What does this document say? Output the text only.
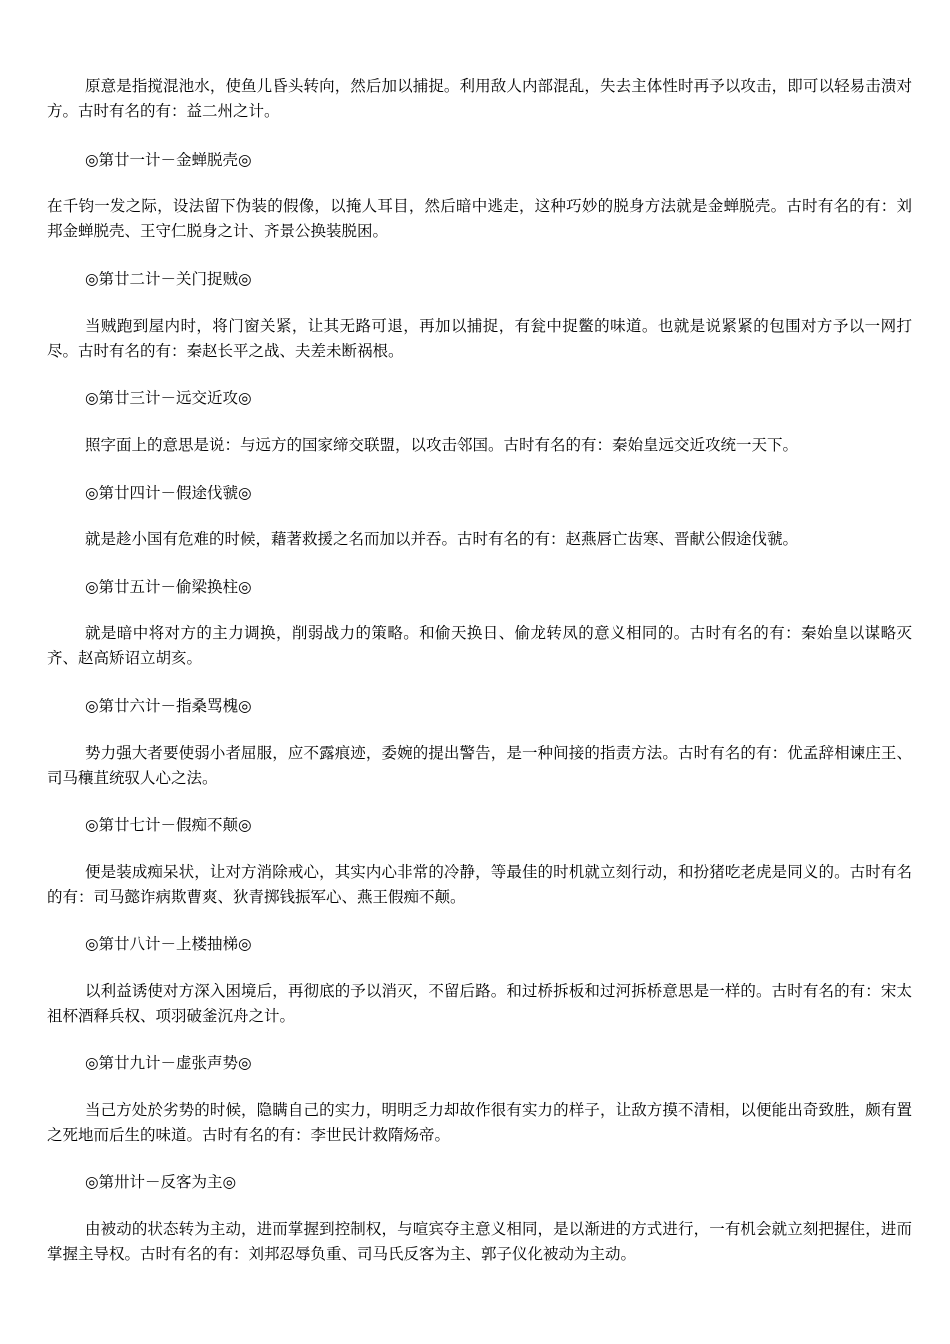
原意是指搅混池水，使鱼儿昏头转向，然后加以捕捉。利用敌人内部混乱，失去主体性时再予以攻击，即可以轻易击溃对方。古时有名的有：益二州之计。

◎第廿一计－金蝉脱壳◎

在千钧一发之际，设法留下伪装的假像，以掩人耳目，然后暗中逃走，这种巧妙的脱身方法就是金蝉脱壳。古时有名的有：刘邦金蝉脱壳、王守仁脱身之计、齐景公换装脱困。

◎第廿二计－关门捉贼◎

当贼跑到屋内时，将门窗关紧，让其无路可退，再加以捕捉，有瓮中捉鳖的味道。也就是说紧紧的包围对方予以一网打尽。古时有名的有：秦赵长平之战、夫差未断祸根。

◎第廿三计－远交近攻◎

照字面上的意思是说：与远方的国家缔交联盟，以攻击邻国。古时有名的有：秦始皇远交近攻统一天下。

◎第廿四计－假途伐虢◎

就是趁小国有危难的时候，藉著救援之名而加以并吞。古时有名的有：赵燕唇亡齿寒、晋献公假途伐虢。

◎第廿五计－偷梁换柱◎

就是暗中将对方的主力调换，削弱战力的策略。和偷天换日、偷龙转凤的意义相同的。古时有名的有：秦始皇以谋略灭齐、赵高矫诏立胡亥。

◎第廿六计－指桑骂槐◎

势力强大者要使弱小者屈服，应不露痕迹，委婉的提出警告，是一种间接的指责方法。古时有名的有：优孟辞相谏庄王、司马穰苴统驭人心之法。

◎第廿七计－假痴不颠◎

便是装成痴呆状，让对方消除戒心，其实内心非常的冷静，等最佳的时机就立刻行动，和扮猪吃老虎是同义的。古时有名的有：司马懿诈病欺曹爽、狄青掷钱振军心、燕王假痴不颠。

◎第廿八计－上楼抽梯◎

以利益诱使对方深入困境后，再彻底的予以消灭，不留后路。和过桥拆板和过河拆桥意思是一样的。古时有名的有：宋太祖杯酒释兵权、项羽破釜沉舟之计。

◎第廿九计－虚张声势◎

当己方处於劣势的时候，隐瞒自己的实力，明明乏力却故作很有实力的样子，让敌方摸不清相，以便能出奇致胜，颇有置之死地而后生的味道。古时有名的有：李世民计救隋炀帝。

◎第卅计－反客为主◎

由被动的状态转为主动，进而掌握到控制权，与喧宾夺主意义相同，是以渐进的方式进行，一有机会就立刻把握住，进而掌握主导权。古时有名的有：刘邦忍辱负重、司马氏反客为主、郭子仪化被动为主动。
